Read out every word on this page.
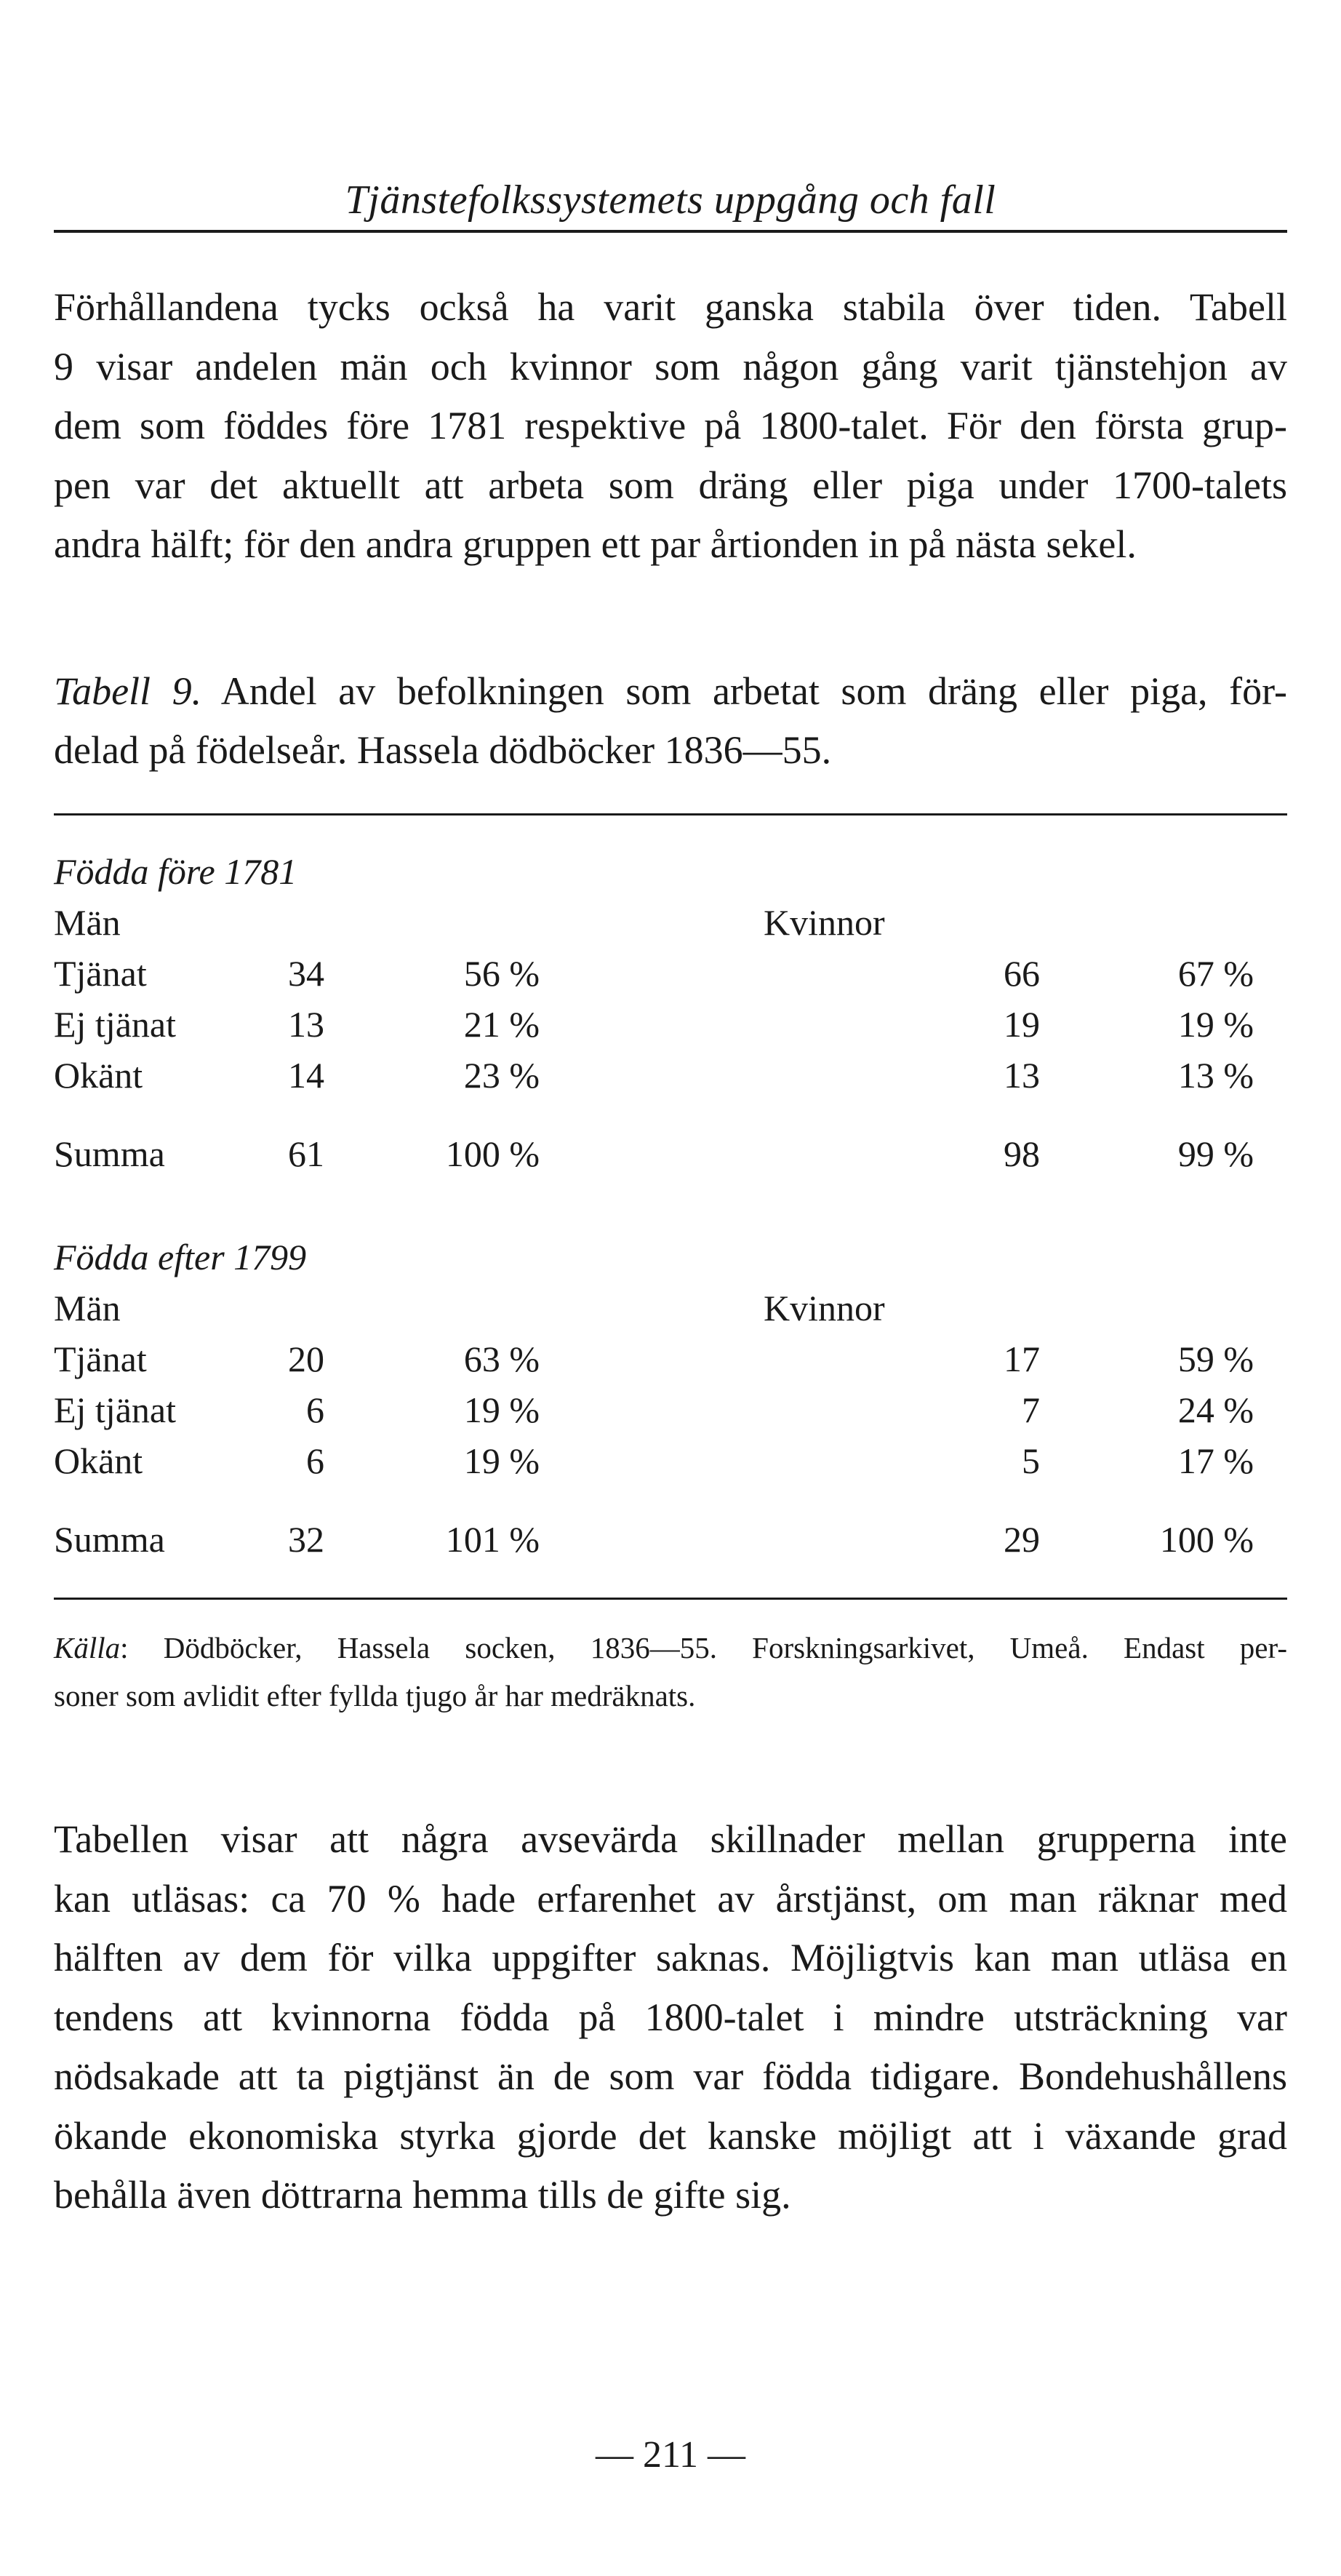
Tjänstefolkssystemets uppgång och fall
Förhållandena tycks också ha varit ganska stabila över tiden. Tabell
9 visar andelen män och kvinnor som någon gång varit tjänstehjon av
dem som föddes före 1781 respektive på 1800-talet. För den första grup-
pen var det aktuellt att arbeta som dräng eller piga under 1700-talets
andra hälft; för den andra gruppen ett par årtionden in på nästa sekel.
Tabell 9. Andel av befolkningen som arbetat som dräng eller piga, för-
delad på födelseår. Hassela dödböcker 1836—55.
Födda före 1781
Män	Kvinnor
Tjänat	34	56 %	66	67 %
Ej tjänat	13	21 %	19	19 %
Okänt	14	23 %	13	13 %
Summa	61	100 %	98	99 %
Födda efter 1799
Män	Kvinnor
Tjänat	20	63 %	17	59 %
Ej tjänat	6	19 %	7	24 %
Okänt	6	19 %	5	17 %
Summa	32	101 %	29	100 %
Källa: Dödböcker, Hassela socken, 1836—55. Forskningsarkivet, Umeå. Endast per-
soner som avlidit efter fyllda tjugo år har medräknats.
Tabellen visar att några avsevärda skillnader mellan grupperna inte
kan utläsas: ca 70 % hade erfarenhet av årstjänst, om man räknar med
hälften av dem för vilka uppgifter saknas. Möjligtvis kan man utläsa en
tendens att kvinnorna födda på 1800-talet i mindre utsträckning var
nödsakade att ta pigtjänst än de som var födda tidigare. Bondehushållens
ökande ekonomiska styrka gjorde det kanske möjligt att i växande grad
behålla även döttrarna hemma tills de gifte sig.
— 211 —
